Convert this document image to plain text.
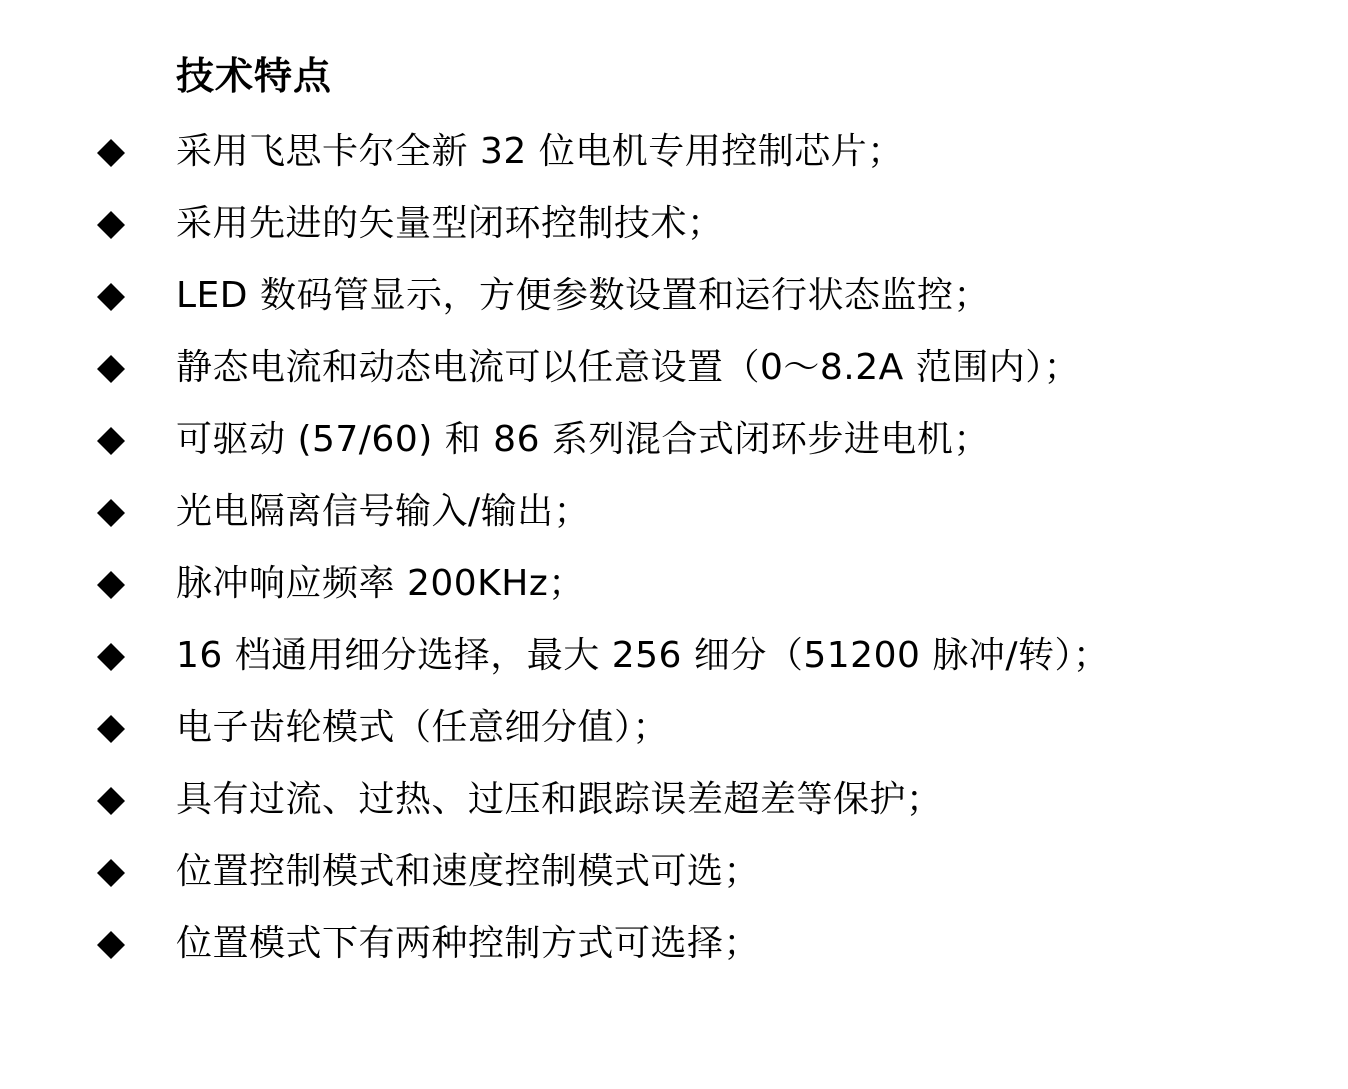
技术特点
采用飞思卡尔全新 32 位电机专用控制芯片；
采用先进的矢量型闭环控制技术；
LED 数码管显示，方便参数设置和运行状态监控；
静态电流和动态电流可以任意设置（0～8.2A 范围内）；
可驱动 (57/60) 和 86 系列混合式闭环步进电机；
光电隔离信号输入/输出；
脉冲响应频率 200KHz；
16 档通用细分选择，最大 256 细分（51200 脉冲/转）；
电子齿轮模式（任意细分值）；
具有过流、过热、过压和跟踪误差超差等保护；
位置控制模式和速度控制模式可选；
位置模式下有两种控制方式可选择；
